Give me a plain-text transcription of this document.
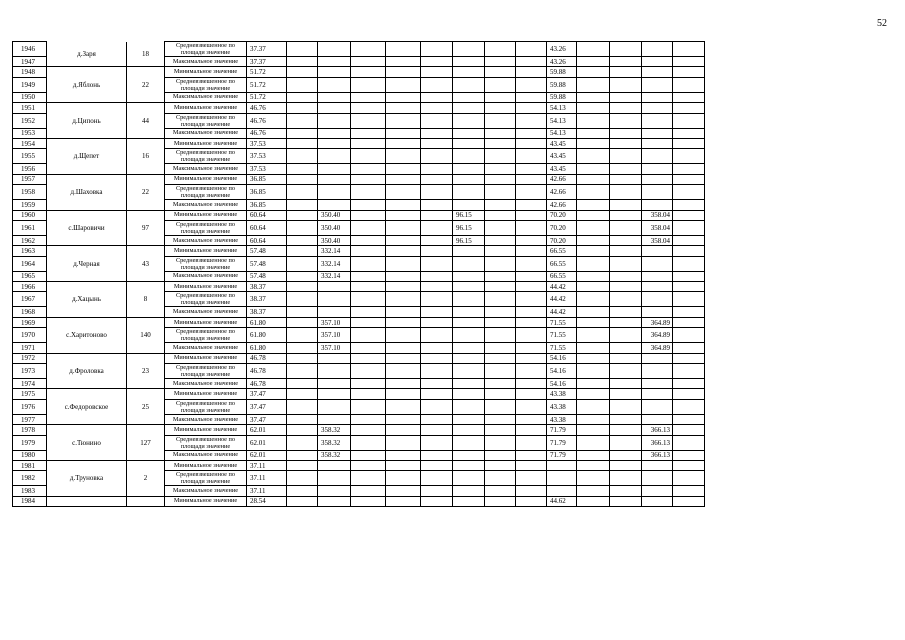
52
1946	д.Заря	18	Средневзвешенное по площади значение	37.37									43.26				
1947			Максимальное значение	37.37									43.26				
1948	д.Яблонь	22	Минимальное значение	51.72									59.88				
1949			Средневзвешенное по площади значение	51.72									59.88				
1950			Максимальное значение	51.72									59.88				
1951	д.Ципонь	44	Минимальное значение	46.76									54.13				
1952			Средневзвешенное по площади значение	46.76									54.13				
1953			Максимальное значение	46.76									54.13				
1954	д.Щепет	16	Минимальное значение	37.53									43.45				
1955			Средневзвешенное по площади значение	37.53									43.45				
1956			Максимальное значение	37.53									43.45				
1957	д.Шаховка	22	Минимальное значение	36.85									42.66				
1958			Средневзвешенное по площади значение	36.85									42.66				
1959			Максимальное значение	36.85									42.66				
1960	с.Шаровичи	97	Минимальное значение	60.64		350.40				96.15			70.20			358.04	
1961			Средневзвешенное по площади значение	60.64		350.40				96.15			70.20			358.04	
1962			Максимальное значение	60.64		350.40				96.15			70.20			358.04	
1963	д.Черная	43	Минимальное значение	57.48		332.14							66.55				
1964			Средневзвешенное по площади значение	57.48		332.14							66.55				
1965			Максимальное значение	57.48		332.14							66.55				
1966	д.Хацынь	8	Минимальное значение	38.37									44.42				
1967			Средневзвешенное по площади значение	38.37									44.42				
1968			Максимальное значение	38.37									44.42				
1969	с.Харитоново	140	Минимальное значение	61.80		357.10							71.55			364.89	
1970			Средневзвешенное по площади значение	61.80		357.10							71.55			364.89	
1971			Максимальное значение	61.80		357.10							71.55			364.89	
1972	д.Фроловка	23	Минимальное значение	46.78									54.16				
1973			Средневзвешенное по площади значение	46.78									54.16				
1974			Максимальное значение	46.78									54.16				
1975	с.Федоровское	25	Минимальное значение	37.47									43.38				
1976			Средневзвешенное по площади значение	37.47									43.38				
1977			Максимальное значение	37.47									43.38				
1978	с.Тюнино	127	Минимальное значение	62.01		358.32							71.79			366.13	
1979			Средневзвешенное по площади значение	62.01		358.32							71.79			366.13	
1980			Максимальное значение	62.01		358.32							71.79			366.13	
1981	д.Труновка	2	Минимальное значение	37.11													
1982			Средневзвешенное по площади значение	37.11													
1983			Максимальное значение	37.11													
1984			Минимальное значение	28.54									44.62				
